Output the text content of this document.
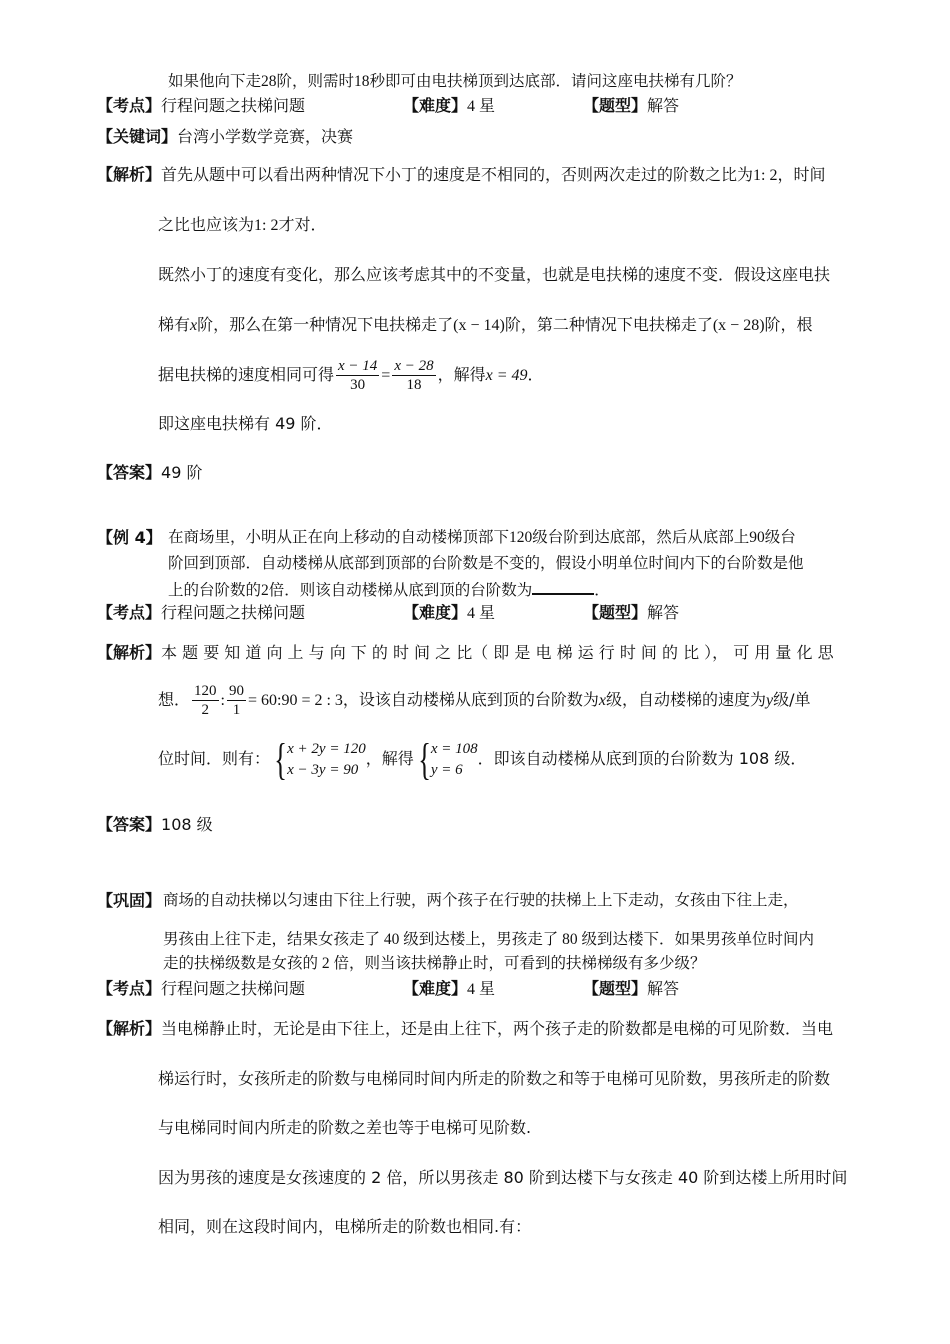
如果他向下走28阶，则需时18秒即可由电扶梯顶到达底部．请问这座电扶梯有几阶？
【考点】行程问题之扶梯问题	【难度】4 星	【题型】解答
【关键词】台湾小学数学竞赛，决赛
【解析】首先从题中可以看出两种情况下小丁的速度是不相同的，否则两次走过的阶数之比为1: 2，时间
之比也应该为1: 2才对．
既然小丁的速度有变化，那么应该考虑其中的不变量，也就是电扶梯的速度不变．假设这座电扶
梯有x阶，那么在第一种情况下电扶梯走了(x − 14)阶，第二种情况下电扶梯走了(x − 28)阶，根
据电扶梯的速度相同可得 $\frac{x - 14}{30} = \frac{x - 28}{18}$ ，解得x = 49．
即这座电扶梯有 49 阶．
【答案】49 阶
【例 4】 在商场里，小明从正在向上移动的自动楼梯顶部下120级台阶到达底部，然后从底部上90级台
阶回到顶部．自动楼梯从底部到顶部的台阶数是不变的，假设小明单位时间内下的台阶数是他
上的台阶数的2倍．则该自动楼梯从底到顶的台阶数为	．
【考点】行程问题之扶梯问题	【难度】4 星	【题型】解答
【解析】本 题 要 知 道 向 上 与 向 下 的 时 间 之 比（ 即 是 电 梯 运 行 时 间 的 比 ）， 可 用 量 化 思
想． $\frac{120}{2}$ : $\frac{90}{1}$ = 60:90 = 2 : 3，设该自动楼梯从底到顶的台阶数为x级，自动楼梯的速度为y级/单
位时间．则有： { x + 2y = 120
x − 3y = 90
，解得 { x = 108
y = 6
．即该自动楼梯从底到顶的台阶数为 108 级．
【答案】108 级
【巩固】 商场的自动扶梯以匀速由下往上行驶，两个孩子在行驶的扶梯上上下走动，女孩由下往上走，
男孩由上往下走，结果女孩走了 40 级到达楼上，男孩走了 80 级到达楼下．如果男孩单位时间内
走的扶梯级数是女孩的 2 倍，则当该扶梯静止时，可看到的扶梯梯级有多少级？
【考点】行程问题之扶梯问题	【难度】4 星	【题型】解答
【解析】当电梯静止时，无论是由下往上，还是由上往下，两个孩子走的阶数都是电梯的可见阶数．当电
梯运行时，女孩所走的阶数与电梯同时间内所走的阶数之和等于电梯可见阶数，男孩所走的阶数
与电梯同时间内所走的阶数之差也等于电梯可见阶数.
因为男孩的速度是女孩速度的 2 倍，所以男孩走 80 阶到达楼下与女孩走 40 阶到达楼上所用时间
相同，则在这段时间内，电梯所走的阶数也相同.有：
